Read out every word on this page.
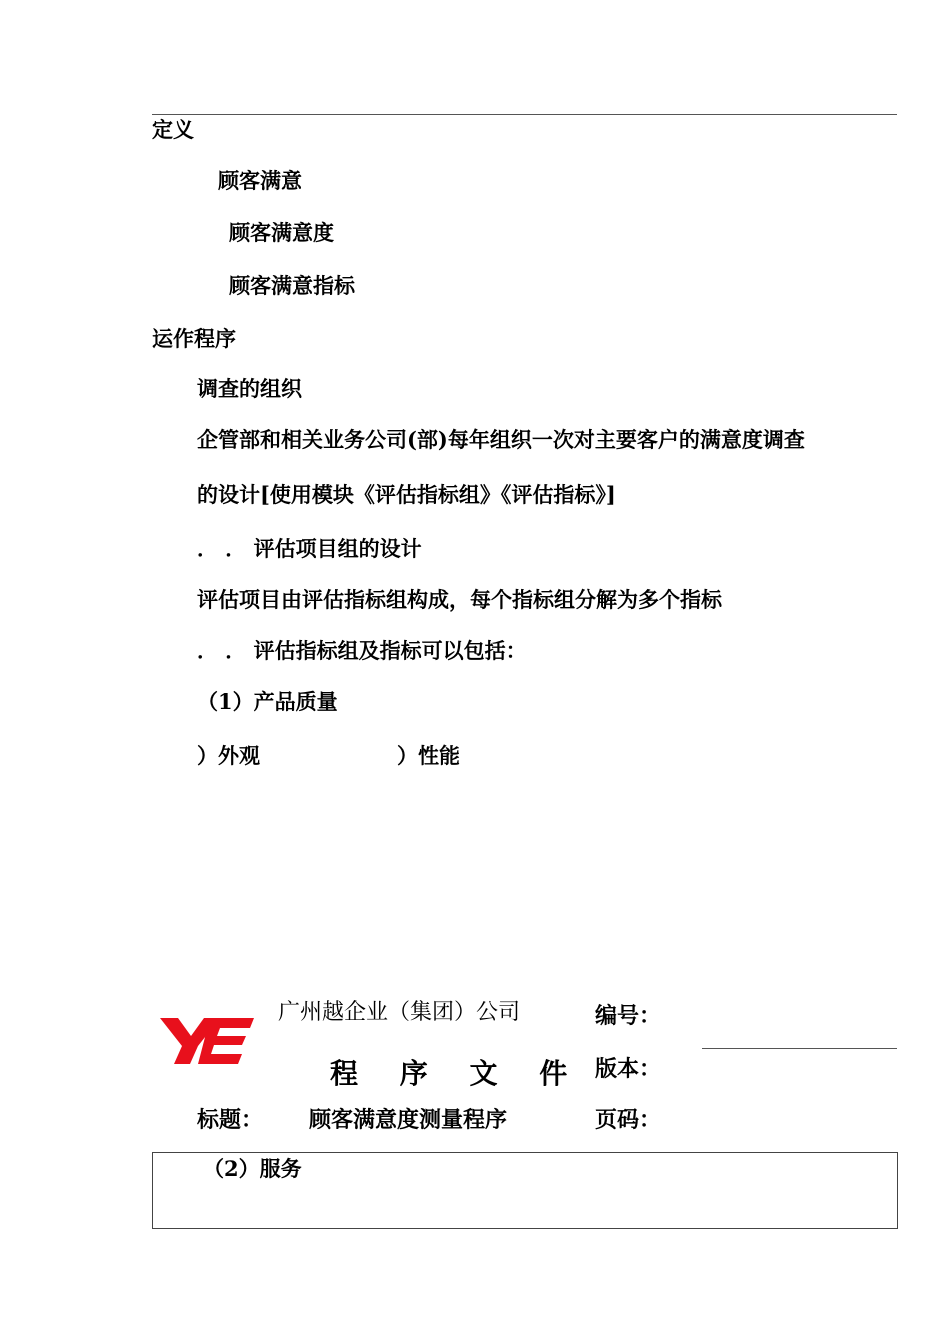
定义
顾客满意
顾客满意度
顾客满意指标
运作程序
调查的组织
企管部和相关业务公司(部)每年组织一次对主要客户的满意度调查
的设计[使用模块《评估指标组》《评估指标》]
． ． 评估项目组的设计
评估项目由评估指标组构成，每个指标组分解为多个指标
． ． 评估指标组及指标可以包括：
（1）产品质量
）外观	）性能
广州越企业（集团）公司
程 序 文 件
编号：
版本：
标题： 顾客满意度测量程序	页码：
（2）服务
